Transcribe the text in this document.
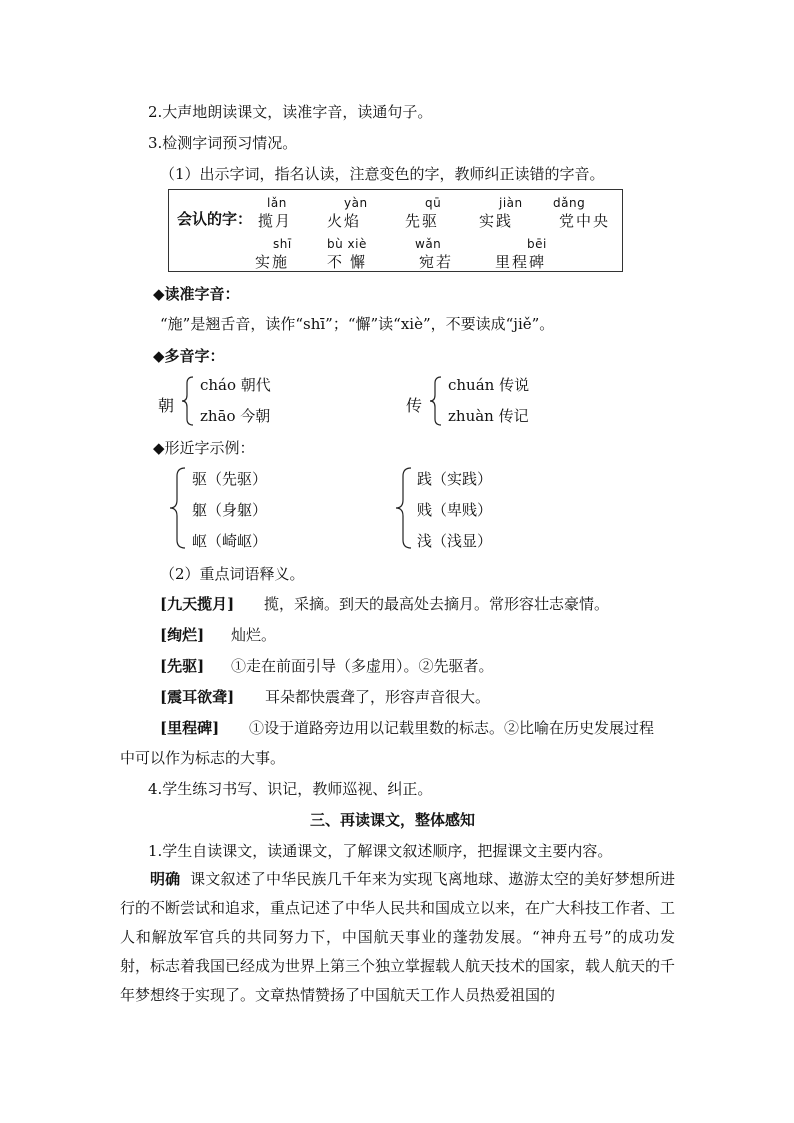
2.大声地朗读课文，读准字音，读通句子。
3.检测字词预习情况。
（1）出示字词，指名认读，注意变色的字，教师纠正读错的字音。
会认的字：
lǎn
揽月
yàn
火焰
qū
先驱
jiàn
实践
dǎng
党中央
shī
实施
bù xiè
不懈
wǎn
宛若
bēi
里程碑
◆读准字音：
“施”是翘舌音，读作“shī”；“懈”读“xiè”，不要读成“jiě”。
◆多音字：
朝
cháo 朝代
zhāo 今朝
传
chuán 传说
zhuàn 传记
◆形近字示例：
驱（先驱）
躯（身躯）
岖（崎岖）
践（实践）
贱（卑贱）
浅（浅显）
（2）重点词语释义。
[九天揽月] 揽，采摘。到天的最高处去摘月。常形容壮志豪情。
[绚烂] 灿烂。
[先驱] ①走在前面引导（多虚用）。②先驱者。
[震耳欲聋] 耳朵都快震聋了，形容声音很大。
[里程碑] ①设于道路旁边用以记载里数的标志。②比喻在历史发展过程
中可以作为标志的大事。
4.学生练习书写、识记，教师巡视、纠正。
三、再读课文，整体感知
1.学生自读课文，读通课文，了解课文叙述顺序，把握课文主要内容。
明确 课文叙述了中华民族几千年来为实现飞离地球、遨游太空的美好梦想所进行的不断尝试和追求，重点记述了中华人民共和国成立以来，在广大科技工作者、工人和解放军官兵的共同努力下，中国航天事业的蓬勃发展。“神舟五号”的成功发射，标志着我国已经成为世界上第三个独立掌握载人航天技术的国家，载人航天的千年梦想终于实现了。文章热情赞扬了中国航天工作人员热爱祖国的
